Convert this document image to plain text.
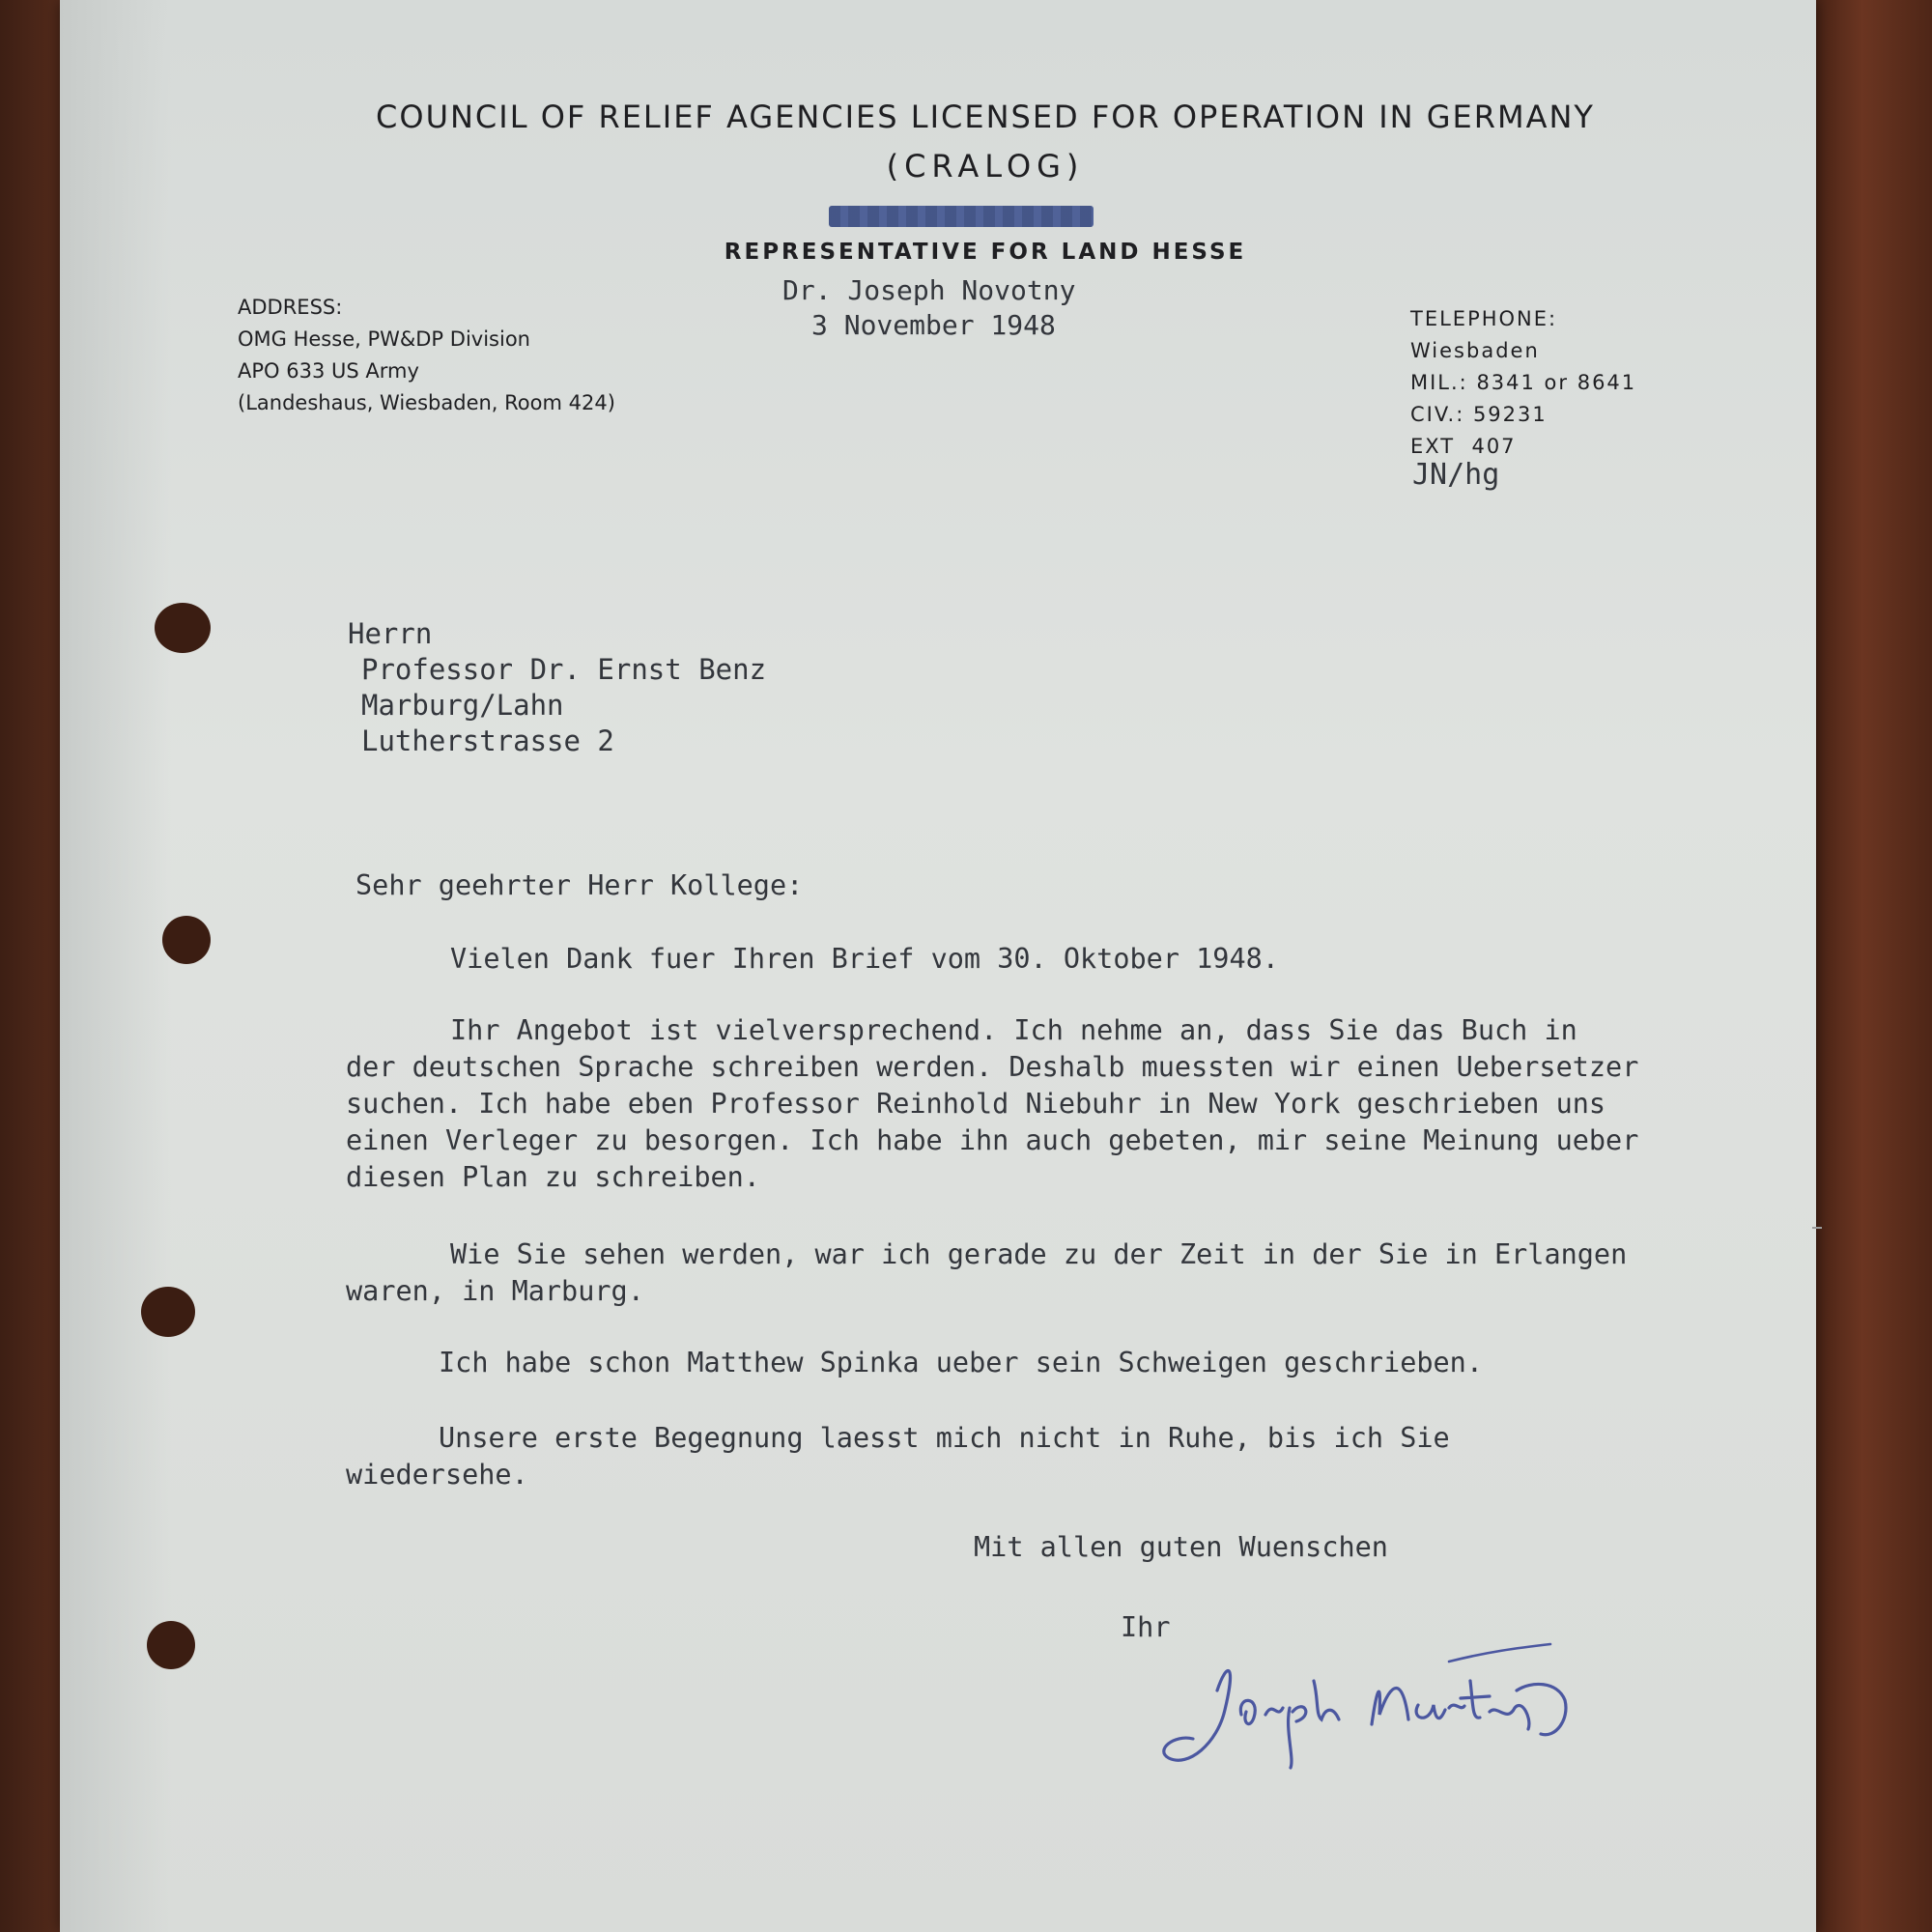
COUNCIL OF RELIEF AGENCIES LICENSED FOR OPERATION IN GERMANY
(CRALOG)
REPRESENTATIVE FOR LAND HESSE
Dr. Joseph Novotny
3 November 1948
ADDRESS:
OMG Hesse, PW&DP Division
APO 633 US Army
(Landeshaus, Wiesbaden, Room 424)
TELEPHONE:
Wiesbaden
MIL.: 8341 or 8641
CIV.: 59231
EXT  407
JN/hg
Herrn
Professor Dr. Ernst Benz
Marburg/Lahn
Lutherstrasse 2
Sehr geehrter Herr Kollege:
Vielen Dank fuer Ihren Brief vom 30. Oktober 1948.
Ihr Angebot ist vielversprechend. Ich nehme an, dass Sie das Buch in der deutschen Sprache schreiben werden. Deshalb muessten wir einen Uebersetzer suchen. Ich habe eben Professor Reinhold Niebuhr in New York geschrieben uns einen Verleger zu besorgen. Ich habe ihn auch gebeten, mir seine Meinung ueber diesen Plan zu schreiben.
Wie Sie sehen werden, war ich gerade zu der Zeit in der Sie in Erlangen waren, in Marburg.
Ich habe schon Matthew Spinka ueber sein Schweigen geschrieben.
Unsere erste Begegnung laesst mich nicht in Ruhe, bis ich Sie wiedersehe.
Mit allen guten Wuenschen
Ihr
